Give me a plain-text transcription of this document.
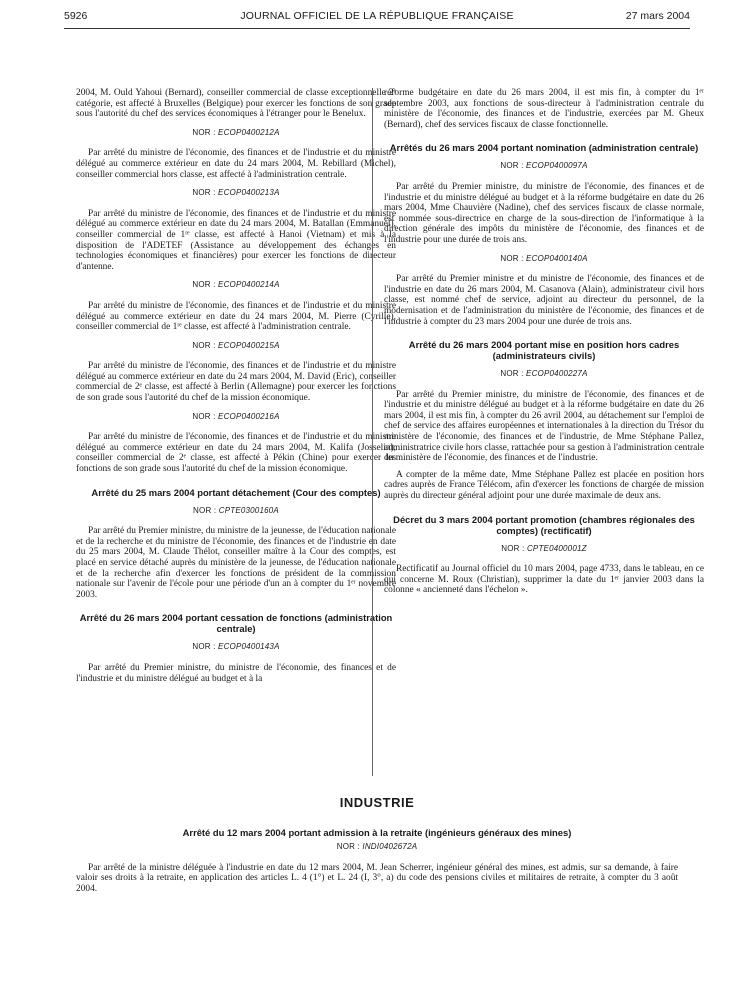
5926	JOURNAL OFFICIEL DE LA RÉPUBLIQUE FRANÇAISE	27 mars 2004

2004, M. Ould Yahoui (Bernard), conseiller commercial de classe exceptionnelle 2ᵉ catégorie, est affecté à Bruxelles (Belgique) pour exercer les fonctions de son grade sous l'autorité du chef des services économiques à l'étranger pour le Benelux.

NOR : ECOP0400212A

Par arrêté du ministre de l'économie, des finances et de l'industrie et du ministre délégué au commerce extérieur en date du 24 mars 2004, M. Rebillard (Michel), conseiller commercial hors classe, est affecté à l'administration centrale.

NOR : ECOP0400213A

Par arrêté du ministre de l'économie, des finances et de l'industrie et du ministre délégué au commerce extérieur en date du 24 mars 2004, M. Batallan (Emmanuel), conseiller commercial de 1ʳᵉ classe, est affecté à Hanoi (Vietnam) et mis à la disposition de l'ADETEF (Assistance au développement des échanges en technologies économiques et financières) pour exercer les fonctions de directeur d'antenne.

NOR : ECOP0400214A

Par arrêté du ministre de l'économie, des finances et de l'industrie et du ministre délégué au commerce extérieur en date du 24 mars 2004, M. Pierre (Cyrille), conseiller commercial de 1ʳᵉ classe, est affecté à l'administration centrale.

NOR : ECOP0400215A

Par arrêté du ministre de l'économie, des finances et de l'industrie et du ministre délégué au commerce extérieur en date du 24 mars 2004, M. David (Eric), conseiller commercial de 2ᵉ classe, est affecté à Berlin (Allemagne) pour exercer les fonctions de son grade sous l'autorité du chef de la mission économique.

NOR : ECOP0400216A

Par arrêté du ministre de l'économie, des finances et de l'industrie et du ministre délégué au commerce extérieur en date du 24 mars 2004, M. Kalifa (Josselin), conseiller commercial de 2ᵉ classe, est affecté à Pékin (Chine) pour exercer les fonctions de son grade sous l'autorité du chef de la mission économique.

Arrêté du 25 mars 2004 portant détachement (Cour des comptes)
NOR : CPTE0300160A

Par arrêté du Premier ministre, du ministre de la jeunesse, de l'éducation nationale et de la recherche et du ministre de l'économie, des finances et de l'industrie en date du 25 mars 2004, M. Claude Thélot, conseiller maître à la Cour des comptes, est placé en service détaché auprès du ministère de la jeunesse, de l'éducation nationale et de la recherche afin d'exercer les fonctions de président de la commission nationale sur l'avenir de l'école pour une période d'un an à compter du 1ᵉʳ novembre 2003.

Arrêté du 26 mars 2004 portant cessation de fonctions (administration centrale)
NOR : ECOP0400143A

Par arrêté du Premier ministre, du ministre de l'économie, des finances et de l'industrie et du ministre délégué au budget et à la

réforme budgétaire en date du 26 mars 2004, il est mis fin, à compter du 1ᵉʳ septembre 2003, aux fonctions de sous-directeur à l'administration centrale du ministère de l'économie, des finances et de l'industrie, exercées par M. Gheux (Bernard), chef des services fiscaux de classe fonctionnelle.

Arrêtés du 26 mars 2004 portant nomination (administration centrale)
NOR : ECOP0400097A

Par arrêté du Premier ministre, du ministre de l'économie, des finances et de l'industrie et du ministre délégué au budget et à la réforme budgétaire en date du 26 mars 2004, Mme Chauvière (Nadine), chef des services fiscaux de classe normale, est nommée sous-directrice en charge de la sous-direction de l'informatique à la direction générale des impôts du ministère de l'économie, des finances et de l'industrie pour une durée de trois ans.

NOR : ECOP0400140A

Par arrêté du Premier ministre et du ministre de l'économie, des finances et de l'industrie en date du 26 mars 2004, M. Casanova (Alain), administrateur civil hors classe, est nommé chef de service, adjoint au directeur du personnel, de la modernisation et de l'administration du ministère de l'économie, des finances et de l'industrie à compter du 23 mars 2004 pour une durée de trois ans.

Arrêté du 26 mars 2004 portant mise en position hors cadres (administrateurs civils)
NOR : ECOP0400227A

Par arrêté du Premier ministre, du ministre de l'économie, des finances et de l'industrie et du ministre délégué au budget et à la réforme budgétaire en date du 26 mars 2004, il est mis fin, à compter du 26 avril 2004, au détachement sur l'emploi de chef de service des affaires européennes et internationales à la direction du Trésor du ministère de l'économie, des finances et de l'industrie, de Mme Stéphane Pallez, administratrice civile hors classe, rattachée pour sa gestion à l'administration centrale du ministère de l'économie, des finances et de l'industrie.

A compter de la même date, Mme Stéphane Pallez est placée en position hors cadres auprès de France Télécom, afin d'exercer les fonctions de chargée de mission auprès du directeur général adjoint pour une durée maximale de deux ans.

Décret du 3 mars 2004 portant promotion (chambres régionales des comptes) (rectificatif)
NOR : CPTE0400001Z

Rectificatif au Journal officiel du 10 mars 2004, page 4733, dans le tableau, en ce qui concerne M. Roux (Christian), supprimer la date du 1ᵉʳ janvier 2003 dans la colonne « ancienneté dans l'échelon ».

INDUSTRIE
Arrêté du 12 mars 2004 portant admission à la retraite (ingénieurs généraux des mines)
NOR : INDI0402672A

Par arrêté de la ministre déléguée à l'industrie en date du 12 mars 2004, M. Jean Scherrer, ingénieur général des mines, est admis, sur sa demande, à faire valoir ses droits à la retraite, en application des articles L. 4 (1°) et L. 24 (I, 3°, a) du code des pensions civiles et militaires de retraite, à compter du 3 août 2004.
